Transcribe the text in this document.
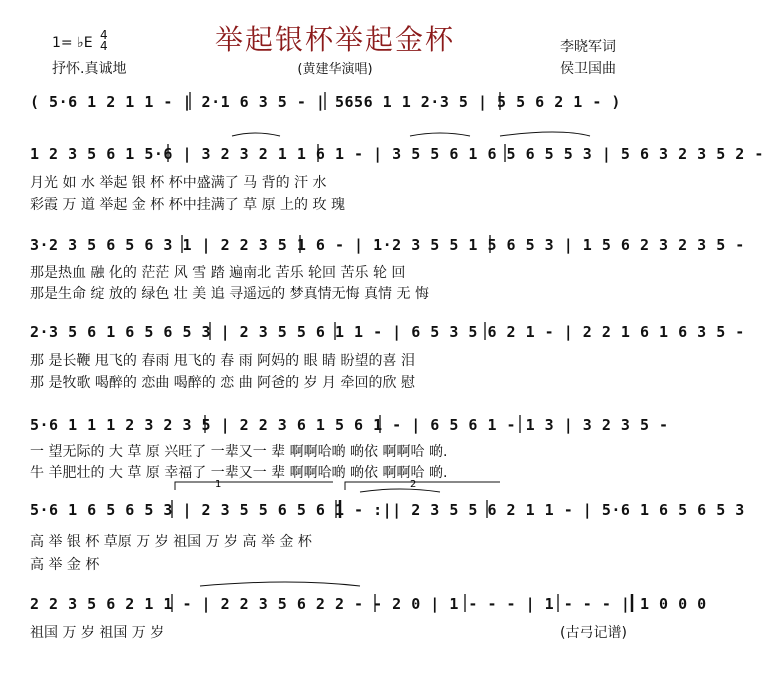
1	2
举起银杯举起金杯
1= ♭E 4
4
抒怀.真诚地	(黄建华演唱)
李晓军词
侯卫国曲
( 5·6 1 2 1 1 - | 2·1 6 3 5 - | 5656 1 1 2·3 5 | 5 5 6 2 1 - )
1 2 3 5 6 1 5·6 | 3 2 3 2 1 1 6 1 - | 3 5 5 6 1 6 5 6 5 5 3 | 5 6 3 2 3 5 2 -
月光 如 水 举起 银 杯 杯中盛满了 马 背的 汗 水
彩霞 万 道 举起 金 杯 杯中挂满了 草 原 上的 玫 瑰
3·2 3 5 6 5 6 3 1 | 2 2 3 5 1 6 - | 1·2 3 5 5 1 5 6 5 3 | 1 5 6 2 3 2 3 5 -
那是热血 融 化的 茫茫 风 雪 踏 遍南北 苦乐 轮回 苦乐 轮 回
那是生命 绽 放的 绿色 壮 美 追 寻遥远的 梦真情无悔 真情 无 悔
2·3 5 6 1 6 5 6 5 3 | 2 3 5 5 6 1 1 - | 6 5 3 5 6 2 1 - | 2 2 1 6 1 6 3 5 -
那 是长鞭 甩飞的 春雨 甩飞的 春 雨 阿妈的 眼 睛 盼望的喜 泪
那 是牧歌 喝醉的 恋曲 喝醉的 恋 曲 阿爸的 岁 月 牵回的欣 慰
5·6 1 1 1 2 3 2 3 5 | 2 2 3 6 1 5 6 1 - | 6 5 6 1 - 1 3 | 3 2 3 5 -
一 望无际的 大 草 原 兴旺了 一辈又一 辈 啊啊哈啲 啲依 啊啊哈 啲.
牛 羊肥壮的 大 草 原 幸福了 一辈又一 辈 啊啊哈啲 啲依 啊啊哈 啲.
5·6 1 6 5 6 5 3 | 2 3 5 5 6 5 6 1 - :|| 2 3 5 5 6 2 1 1 - | 5·6 1 6 5 6 5 3
高 举 银 杯 草原 万 岁 祖国 万 岁 高 举 金 杯
高 举 金 杯
2 2 3 5 6 2 1 1 - | 2 2 3 5 6 2 2 - - 2 0 | 1 - - - | 1 - - - | 1 0 0 0
祖国 万 岁 祖国 万 岁	(古弓记谱)
